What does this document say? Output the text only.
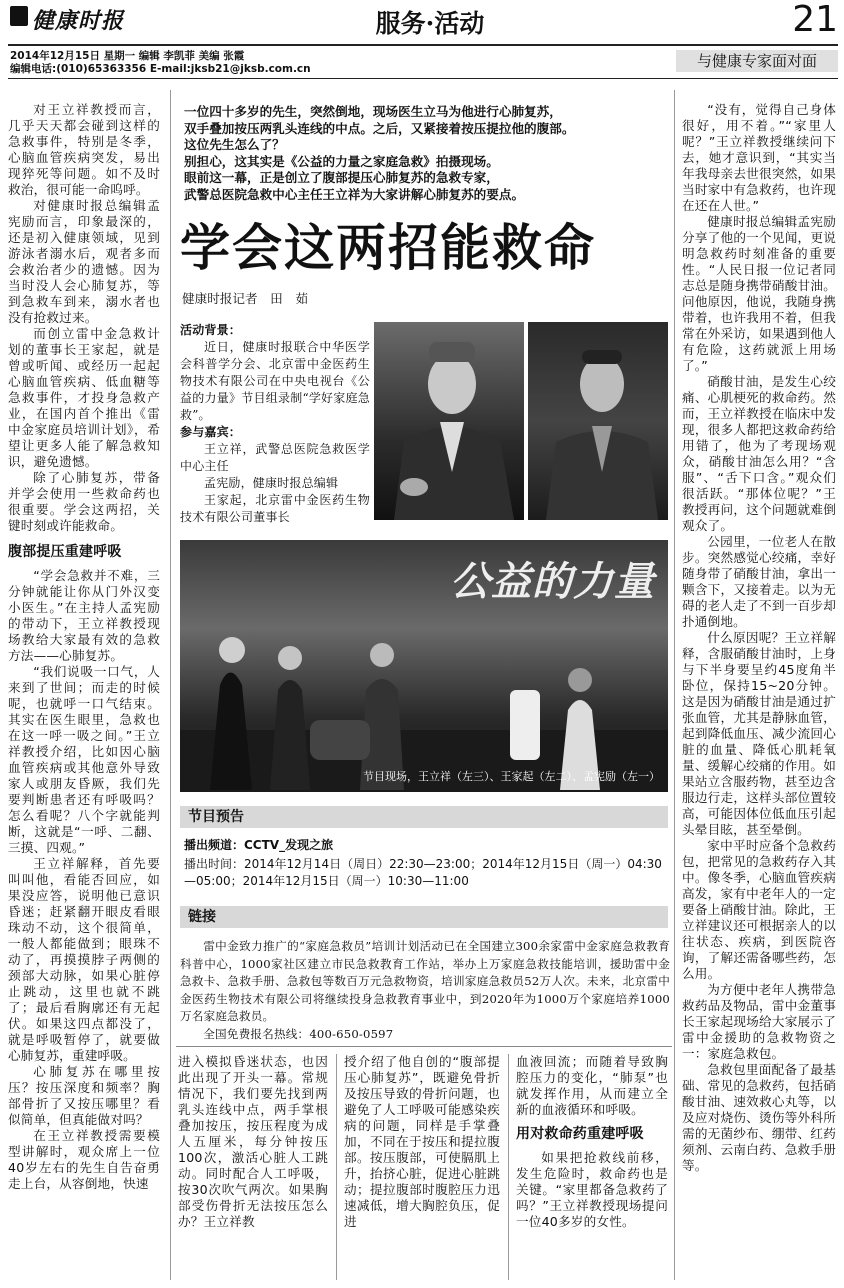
健康时报	服务·活动	21
2014年12月15日 星期一 编辑 李凯菲 美编 张霞
编辑电话:(010)65363356 E-mail:jksb21@jksb.com.cn	与健康专家面对面

对王立祥教授而言，几乎天天都会碰到这样的急救事件，特别是冬季，心脑血管疾病突发，易出现猝死等问题。如不及时救治，很可能一命呜呼。

对健康时报总编辑孟宪励而言，印象最深的，还是初入健康领域，见到游泳者溺水后，观者多而会救治者少的遗憾。因为当时没人会心肺复苏，等到急救车到来，溺水者也没有抢救过来。

而创立雷中金急救计划的董事长王家起，就是曾或听闻、或经历一起起心脑血管疾病、低血糖等急救事件，才投身急救产业，在国内首个推出《雷中金家庭员培训计划》，希望让更多人能了解急救知识，避免遗憾。

除了心肺复苏，带备并学会使用一些救命药也很重要。学会这两招，关键时刻或许能救命。

腹部提压重建呼吸

“学会急救并不难，三分钟就能让你从门外汉变小医生。”在主持人孟宪励的带动下，王立祥教授现场教给大家最有效的急救方法——心肺复苏。

“我们说吸一口气，人来到了世间；而走的时候呢，也就呼一口气结束。其实在医生眼里，急救也在这一呼一吸之间。”王立祥教授介绍，比如因心脑血管疾病或其他意外导致家人或朋友昏厥，我们先要判断患者还有呼吸吗？怎么看呢？八个字就能判断，这就是“一呼、二翻、三摸、四观。”

王立祥解释，首先要叫叫他，看能否回应，如果没应答，说明他已意识昏迷；赶紧翻开眼皮看眼珠动不动，这个很简单，一般人都能做到；眼珠不动了，再摸摸脖子两侧的颈部大动脉，如果心脏停止跳动，这里也就不跳了；最后看胸廓还有无起伏。如果这四点都没了，就是呼吸暂停了，就要做心肺复苏，重建呼吸。

心肺复苏在哪里按压？按压深度和频率？胸部骨折了又按压哪里？看似简单，但真能做对吗？

在王立祥教授需要模型讲解时，观众席上一位40岁左右的先生自告奋勇走上台，从容倒地，快速

一位四十多岁的先生，突然倒地，现场医生立马为他进行心肺复苏，
双手叠加按压两乳头连线的中点。之后，又紧接着按压提拉他的腹部。
这位先生怎么了？
别担心，这其实是《公益的力量之家庭急救》拍摄现场。
眼前这一幕，正是创立了腹部提压心肺复苏的急救专家，
武警总医院急救中心主任王立祥为大家讲解心肺复苏的要点。
学会这两招能救命
健康时报记者　田　茹
活动背景：

近日，健康时报联合中华医学会科普学分会、北京雷中金医药生物技术有限公司在中央电视台《公益的力量》节目组录制“学好家庭急救”。

参与嘉宾：

王立祥，武警总医院急救医学中心主任

孟宪励，健康时报总编辑

王家起，北京雷中金医药生物技术有限公司董事长

公益的力量
节目现场，王立祥（左三）、王家起（左二）、孟宪励（左一）
节目预告
播出频道：CCTV_发现之旅
播出时间：2014年12月14日（周日）22:30—23:00；2014年12月15日（周一）04:30—05:00；2014年12月15日（周一）10:30—11:00
链接

雷中金致力推广的“家庭急救员”培训计划活动已在全国建立300余家雷中金家庭急救教育科普中心，1000家社区建立市民急救教育工作站，举办上万家庭急救技能培训，援助雷中金急救卡、急救手册、急救包等数百万元急救物资，培训家庭急救员52万人次。未来，北京雷中金医药生物技术有限公司将继续投身急救教育事业中，到2020年为1000万个家庭培养1000万名家庭急救员。

全国免费报名热线：400-650-0597

进入模拟昏迷状态，也因此出现了开头一幕。常规情况下，我们要先找到两乳头连线中点，两手掌根叠加按压，按压程度为成人五厘米，每分钟按压100次，激活心脏人工跳动。同时配合人工呼吸，按30次吹气两次。如果胸部受伤骨折无法按压怎么办？王立祥教

授介绍了他自创的“腹部提压心肺复苏”，既避免骨折及按压导致的骨折问题，也避免了人工呼吸可能感染疾病的问题，同样是手掌叠加，不同在于按压和提拉腹部。按压腹部，可使膈肌上升，抬挤心脏，促进心脏跳动；提拉腹部时腹腔压力迅速减低，增大胸腔负压，促进

血液回流；而随着导致胸腔压力的变化，“肺泵”也就发挥作用，从而建立全新的血液循环和呼吸。

用对救命药重建呼吸

如果把抢救线前移，发生危险时，救命药也是关键。“家里都备急救药了吗？”王立祥教授现场提问一位40多岁的女性。

“没有，觉得自己身体很好，用不着。”“家里人呢？”王立祥教授继续问下去，她才意识到，“其实当年我母亲去世很突然，如果当时家中有急救药，也许现在还在人世。”

健康时报总编辑孟宪励分享了他的一个见闻，更说明急救药时刻准备的重要性。“人民日报一位记者同志总是随身携带硝酸甘油。问他原因，他说，我随身携带着，也许我用不着，但我常在外采访，如果遇到他人有危险，这药就派上用场了。”

硝酸甘油，是发生心绞痛、心肌梗死的救命药。然而，王立祥教授在临床中发现，很多人都把这救命药给用错了，他为了考现场观众，硝酸甘油怎么用？“含服”、“舌下口含。”观众们很活跃。“那体位呢？”王教授再问，这个问题就难倒观众了。

公园里，一位老人在散步。突然感觉心绞痛，幸好随身带了硝酸甘油，拿出一颗含下，又接着走。以为无碍的老人走了不到一百步却扑通倒地。

什么原因呢？王立祥解释，含服硝酸甘油时，上身与下半身要呈约45度角半卧位，保持15~20分钟。这是因为硝酸甘油是通过扩张血管，尤其是静脉血管，起到降低血压、减少流回心脏的血量、降低心肌耗氧量、缓解心绞痛的作用。如果站立含服药物，甚至边含服边行走，这样头部位置较高，可能因体位低血压引起头晕目眩，甚至晕倒。

家中平时应备个急救药包，把常见的急救药存入其中。像冬季，心脑血管疾病高发，家有中老年人的一定要备上硝酸甘油。除此，王立祥建议还可根据亲人的以往状态、疾病，到医院咨询，了解还需备哪些药，怎么用。

为方便中老年人携带急救药品及物品，雷中金董事长王家起现场给大家展示了雷中金援助的急救物资之一：家庭急救包。

急救包里面配备了最基础、常见的急救药，包括硝酸甘油、速效救心丸等，以及应对烧伤、烫伤等外科所需的无菌纱布、绷带、红药须剂、云南白药、急救手册等。
